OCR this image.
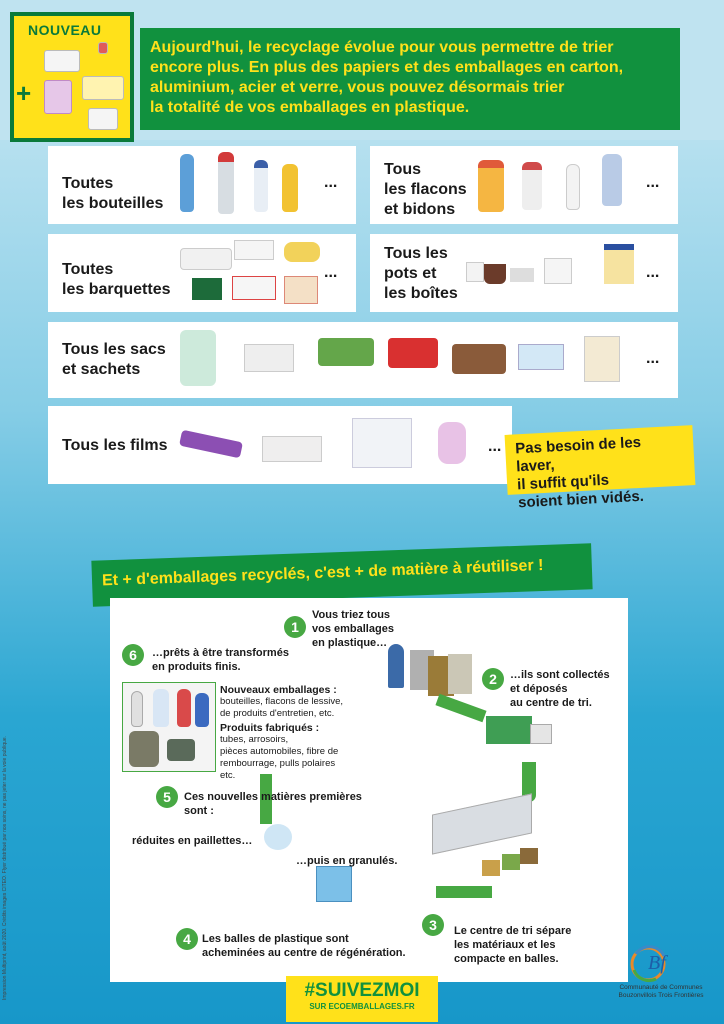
NOUVEAU
+
Aujourd'hui, le recyclage évolue pour vous permettre de trier
encore plus. En plus des papiers et des emballages en carton,
aluminium, acier et verre, vous pouvez désormais trier
la totalité de vos emballages en plastique.
Toutes
les bouteilles
...
Tous
les flacons
et bidons
...
Toutes
les barquettes
...
Tous les
pots et
les boîtes
...
Tous les sacs
et sachets
...
Tous les films	... Pas besoin de les laver,
il suffit qu'ils
soient bien vidés.
Et + d'emballages recyclés, c'est + de matière à réutiliser !
1
Vous triez tous
vos emballages
en plastique…
2	…ils sont collectés
et déposés
au centre de tri.
3	Le centre de tri sépare
les matériaux et les
compacte en balles.
4	Les balles de plastique sont
acheminées au centre de régénération.
réduites en paillettes…
…puis en granulés.
5	Ces nouvelles matières premières
sont :
6	…prêts à être transformés
en produits finis.
Nouveaux emballages :
bouteilles, flacons de lessive,
de produits d'entretien, etc.
Produits fabriqués :
tubes, arrosoirs,
pièces automobiles, fibre de
rembourrage, pulls polaires
etc.
#SUIVEZMOI
SUR ECOEMBALLAGES.FR
Bf
Communauté de Communes
Bouzonvillois Trois Frontières
Impression Multiprint, août 2020. Crédits images CITEO. Flyer distribué par nos soins, ne pas jeter sur la voie publique.
